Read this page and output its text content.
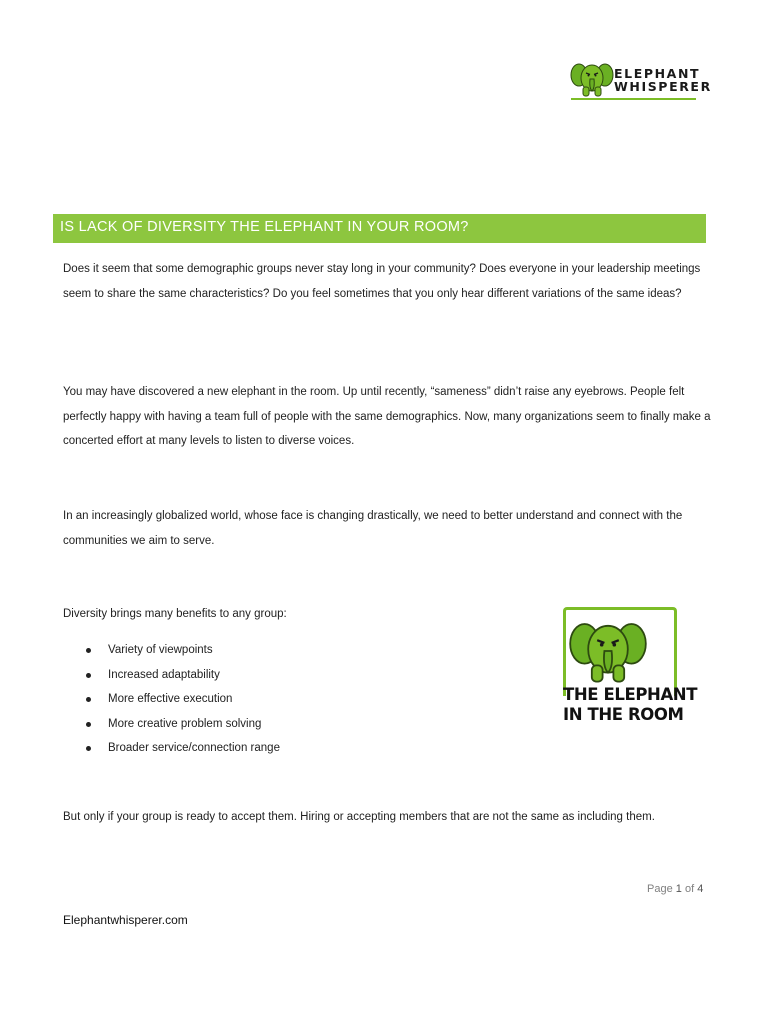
ELEPHANT
WHISPERER
IS LACK OF DIVERSITY THE ELEPHANT IN YOUR ROOM?

Does it seem that some demographic groups never stay long in your community? Does everyone in your leadership meetings seem to share the same characteristics? Do you feel sometimes that you only hear different variations of the same ideas?

You may have discovered a new elephant in the room. Up until recently, “sameness” didn’t raise any eyebrows. People felt perfectly happy with having a team full of people with the same demographics. Now, many organizations seem to finally make a concerted effort at many levels to listen to diverse voices.

In an increasingly globalized world, whose face is changing drastically, we need to better understand and connect with the communities we aim to serve.

Diversity brings many benefits to any group:

Variety of viewpoints
Increased adaptability
More effective execution
More creative problem solving
Broader service/connection range
THE ELEPHANT
IN THE ROOM

But only if your group is ready to accept them. Hiring or accepting members that are not the same as including them.

Page 1 of 4
Elephantwhisperer.com
